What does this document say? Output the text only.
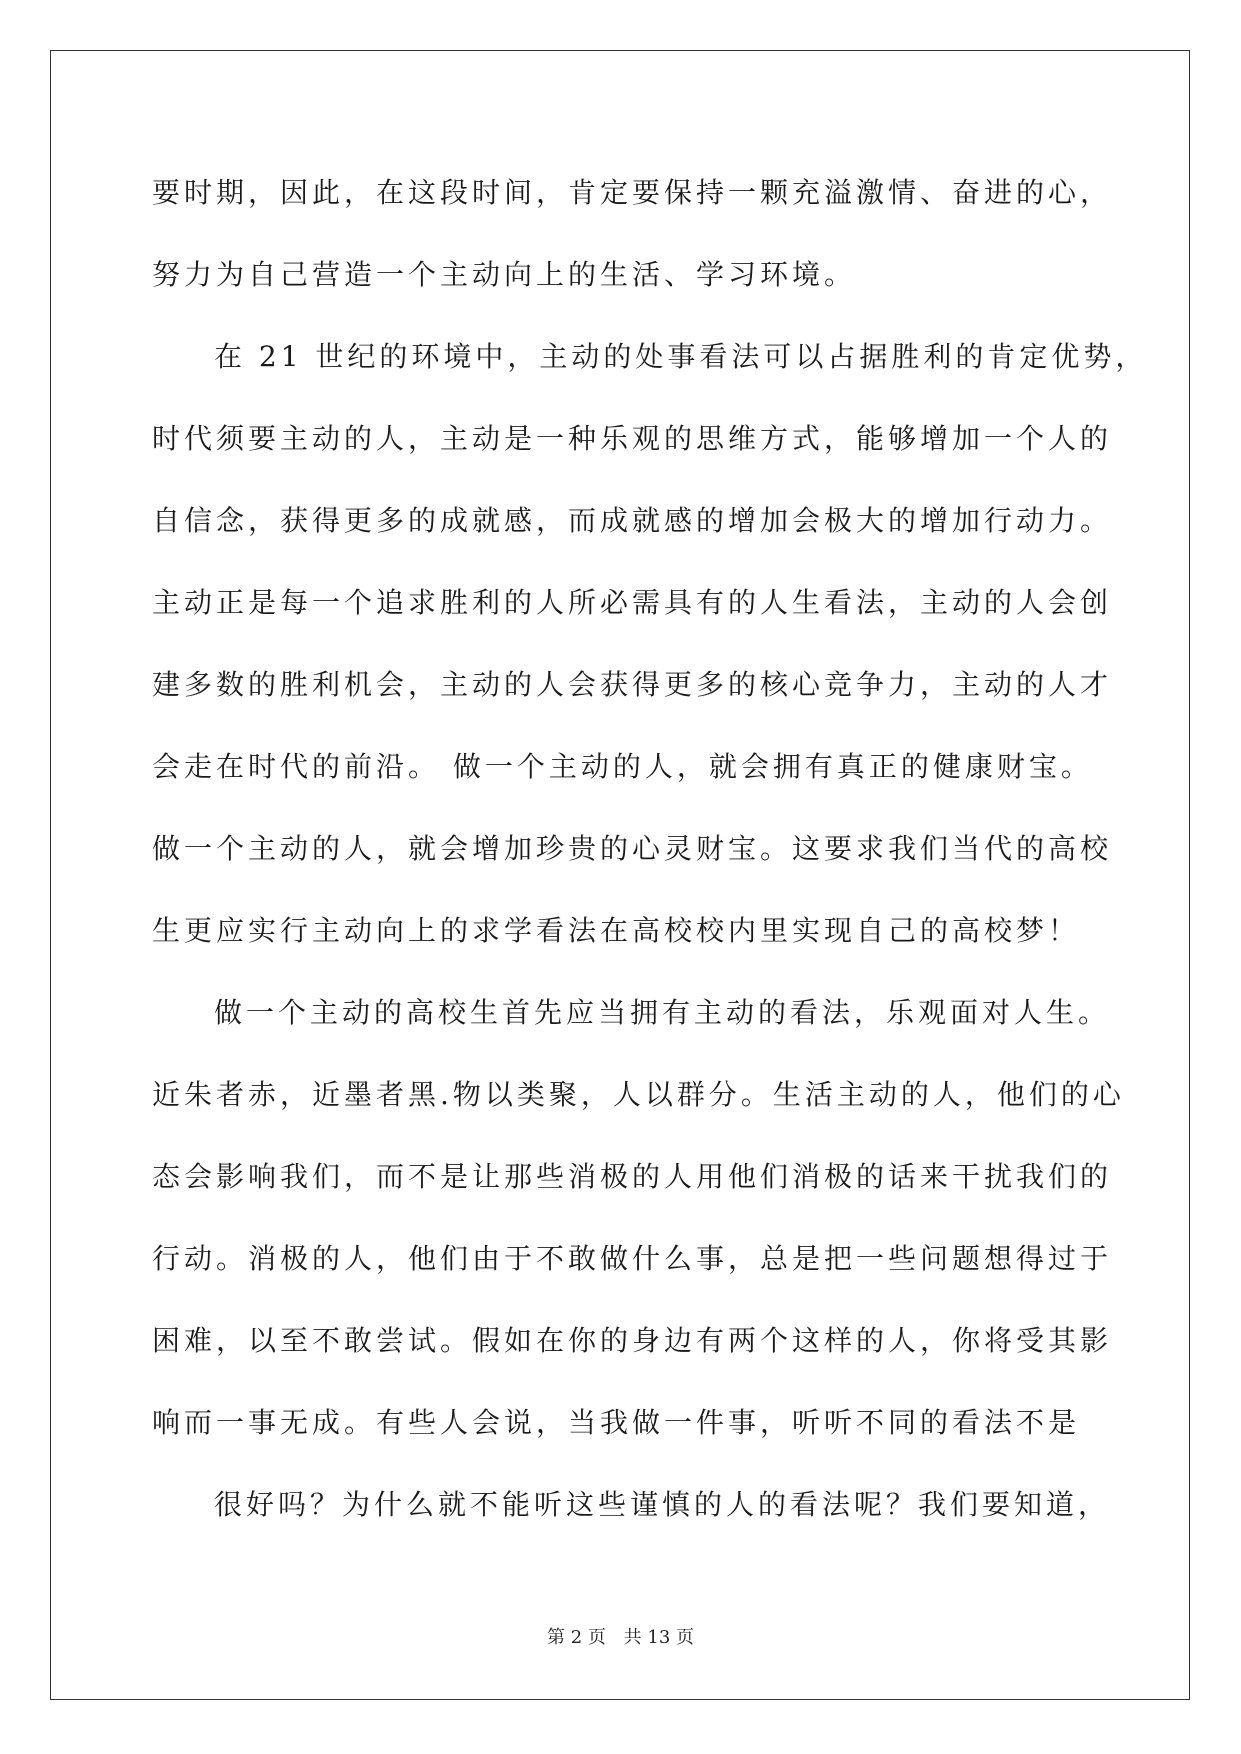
要时期，因此，在这段时间，肯定要保持一颗充溢激情、奋进的心，
努力为自己营造一个主动向上的生活、学习环境。
在 21 世纪的环境中，主动的处事看法可以占据胜利的肯定优势，
时代须要主动的人，主动是一种乐观的思维方式，能够增加一个人的
自信念，获得更多的成就感，而成就感的增加会极大的增加行动力。
主动正是每一个追求胜利的人所必需具有的人生看法，主动的人会创
建多数的胜利机会，主动的人会获得更多的核心竞争力，主动的人才
会走在时代的前沿。 做一个主动的人，就会拥有真正的健康财宝。
做一个主动的人，就会增加珍贵的心灵财宝。这要求我们当代的高校
生更应实行主动向上的求学看法在高校校内里实现自己的高校梦！
做一个主动的高校生首先应当拥有主动的看法，乐观面对人生。
近朱者赤，近墨者黑.物以类聚，人以群分。生活主动的人，他们的心
态会影响我们，而不是让那些消极的人用他们消极的话来干扰我们的
行动。消极的人，他们由于不敢做什么事，总是把一些问题想得过于
困难，以至不敢尝试。假如在你的身边有两个这样的人，你将受其影
响而一事无成。有些人会说，当我做一件事，听听不同的看法不是
很好吗？为什么就不能听这些谨慎的人的看法呢？我们要知道，
第 2 页 共 13 页
